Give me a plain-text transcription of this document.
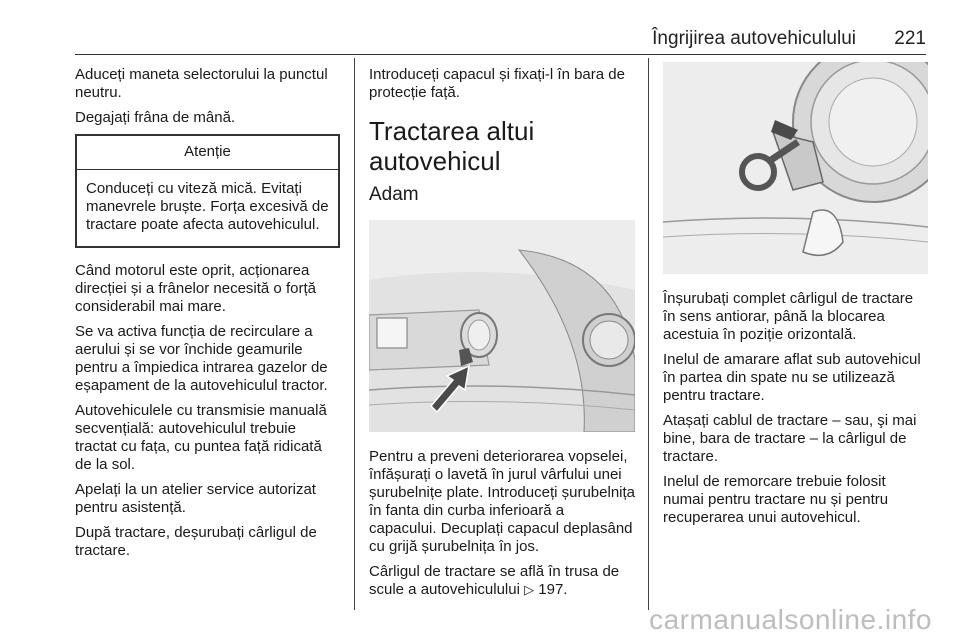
Îngrijirea autovehiculului 221

Aduceți maneta selectorului la punctul neutru.

Degajați frâna de mână.

Atenție
Conduceți cu viteză mică. Evitați manevrele bruște. Forța excesivă de tractare poate afecta autovehiculul.

Când motorul este oprit, acționarea direcției și a frânelor necesită o forță considerabil mai mare.

Se va activa funcția de recirculare a aerului și se vor închide geamurile pentru a împiedica intrarea gazelor de eșapament de la autovehiculul tractor.

Autovehiculele cu transmisie manuală secvențială: autovehiculul trebuie tractat cu fața, cu puntea față ridicată de la sol.

Apelați la un atelier service autorizat pentru asistență.

După tractare, deșurubați cârligul de tractare.

Introduceți capacul și fixați-l în bara de protecție față.

Tractarea altui autovehicul
Adam

Pentru a preveni deteriorarea vopselei, înfășurați o lavetă în jurul vârfului unei șurubelnițe plate. Introduceți șurubelnița în fanta din curba inferioară a capacului. Decuplați capacul deplasând cu grijă șurubelnița în jos.

Cârligul de tractare se află în trusa de scule a autovehiculului ▷ 197.

Înșurubați complet cârligul de tractare în sens antiorar, până la blocarea acestuia în poziție orizontală.

Inelul de amarare aflat sub autovehicul în partea din spate nu se utilizează pentru tractare.

Atașați cablul de tractare – sau, şi mai bine, bara de tractare – la cârligul de tractare.

Inelul de remorcare trebuie folosit numai pentru tractare nu și pentru recuperarea unui autovehicul.

carmanualsonline.info
